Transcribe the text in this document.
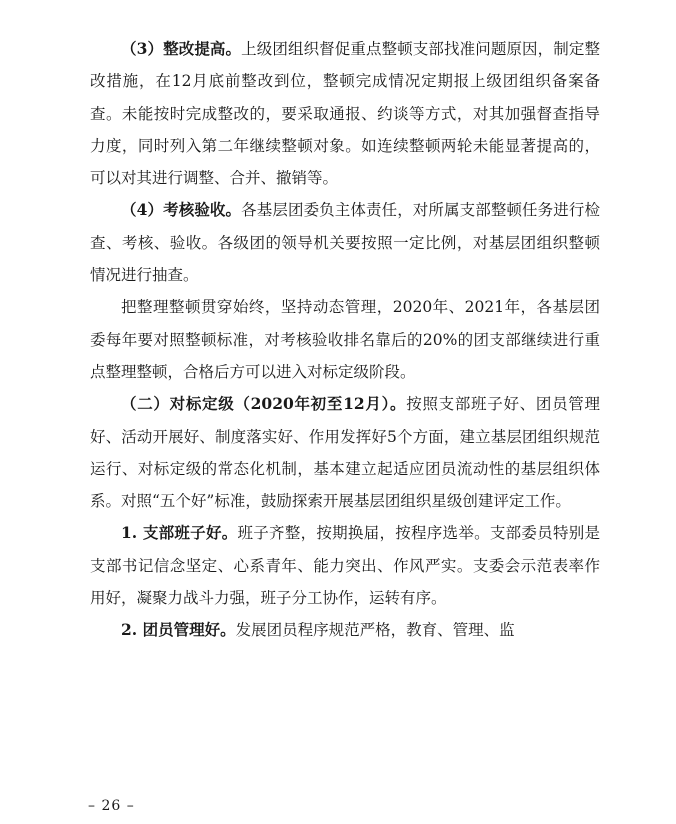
（3）整改提高。上级团组织督促重点整顿支部找准问题原因，制定整改措施，在12月底前整改到位，整顿完成情况定期报上级团组织备案备查。未能按时完成整改的，要采取通报、约谈等方式，对其加强督查指导力度，同时列入第二年继续整顿对象。如连续整顿两轮未能显著提高的，可以对其进行调整、合并、撤销等。

（4）考核验收。各基层团委负主体责任，对所属支部整顿任务进行检查、考核、验收。各级团的领导机关要按照一定比例，对基层团组织整顿情况进行抽查。

把整理整顿贯穿始终，坚持动态管理，2020年、2021年，各基层团委每年要对照整顿标准，对考核验收排名靠后的20%的团支部继续进行重点整理整顿，合格后方可以进入对标定级阶段。

（二）对标定级（2020年初至12月）。按照支部班子好、团员管理好、活动开展好、制度落实好、作用发挥好5个方面，建立基层团组织规范运行、对标定级的常态化机制，基本建立起适应团员流动性的基层组织体系。对照“五个好”标准，鼓励探索开展基层团组织星级创建评定工作。

1. 支部班子好。班子齐整，按期换届，按程序选举。支部委员特别是支部书记信念坚定、心系青年、能力突出、作风严实。支委会示范表率作用好，凝聚力战斗力强，班子分工协作，运转有序。

2. 团员管理好。发展团员程序规范严格，教育、管理、监

– 26 –
